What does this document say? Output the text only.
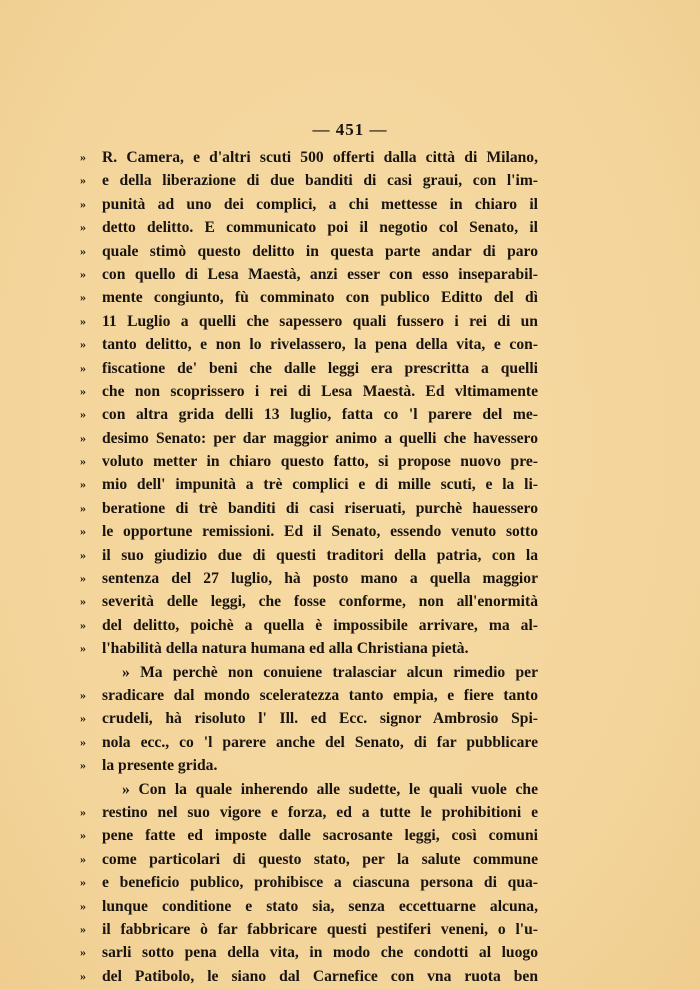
— 451 —
» R. Camera, e d'altri scuti 500 offerti dalla città di Milano,
» e della liberazione di due banditi di casi graui, con l'im-
» punità ad uno dei complici, a chi mettesse in chiaro il
» detto delitto. E communicato poi il negotio col Senato, il
» quale stimò questo delitto in questa parte andar di paro
» con quello di Lesa Maestà, anzi esser con esso inseparabil-
» mente congiunto, fù comminato con publico Editto del dì
» 11 Luglio a quelli che sapessero quali fussero i rei di un
» tanto delitto, e non lo rivelassero, la pena della vita, e con-
» fiscatione de' beni che dalle leggi era prescritta a quelli
» che non scoprissero i rei di Lesa Maestà. Ed vltimamente
» con altra grida delli 13 luglio, fatta co 'l parere del me-
» desimo Senato: per dar maggior animo a quelli che havessero
» voluto metter in chiaro questo fatto, si propose nuovo pre-
» mio dell' impunità a trè complici e di mille scuti, e la li-
» beratione di trè banditi di casi riseruati, purchè hauessero
» le opportune remissioni. Ed il Senato, essendo venuto sotto
» il suo giudizio due di questi traditori della patria, con la
» sentenza del 27 luglio, hà posto mano a quella maggior
» severità delle leggi, che fosse conforme, non all'enormità
» del delitto, poichè a quella è impossibile arrivare, ma al-
» l'habilità della natura humana ed alla Christiana pietà.
» Ma perchè non conuiene tralasciar alcun rimedio per
» sradicare dal mondo sceleratezza tanto empia, e fiere tanto
» crudeli, hà risoluto l' Ill. ed Ecc. signor Ambrosio Spi-
» nola ecc., co 'l parere anche del Senato, di far pubblicare
» la presente grida.
» Con la quale inherendo alle sudette, le quali vuole che
» restino nel suo vigore e forza, ed a tutte le prohibitioni e
» pene fatte ed imposte dalle sacrosante leggi, così comuni
» come particolari di questo stato, per la salute commune
» e beneficio publico, prohibisce a ciascuna persona di qua-
» lunque conditione e stato sia, senza eccettuarne alcuna,
» il fabbricare ò far fabbricare questi pestiferi veneni, o l'u-
» sarli sotto pena della vita, in modo che condotti al luogo
» del Patibolo, le siano dal Carnefice con vna ruota ben
